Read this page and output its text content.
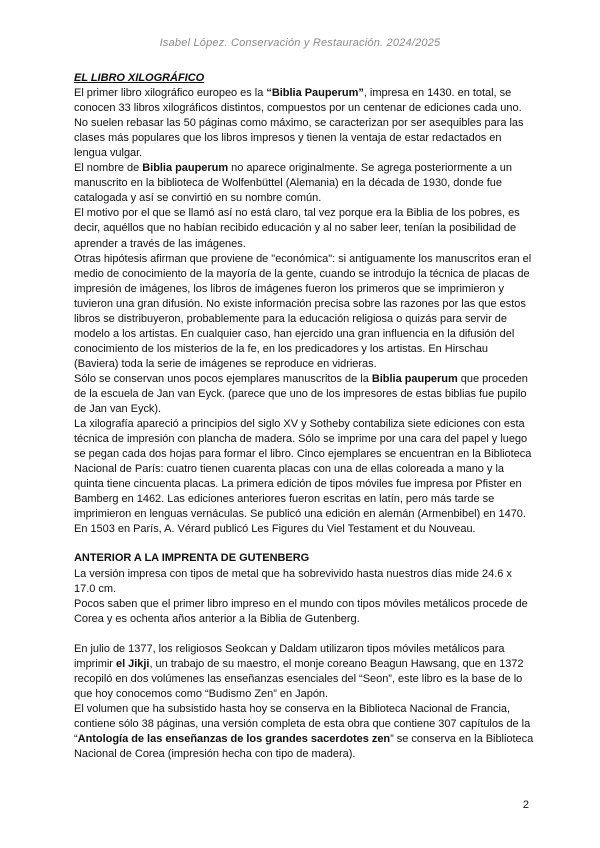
Isabel López. Conservación y Restauración. 2024/2025

EL LIBRO XILOGRÁFICO

El primer libro xilográfico europeo es la “Biblia Pauperum”, impresa en 1430. en total, se conocen 33 libros xilográficos distintos, compuestos por un centenar de ediciones cada uno. No suelen rebasar las 50 páginas como máximo, se caracterizan por ser asequibles para las clases más populares que los libros impresos y tienen la ventaja de estar redactados en lengua vulgar.

El nombre de Biblia pauperum no aparece originalmente. Se agrega posteriormente a un manuscrito en la biblioteca de Wolfenbüttel (Alemania) en la década de 1930, donde fue catalogada y así se convirtió en su nombre común.

El motivo por el que se llamó así no está claro, tal vez porque era la Biblia de los pobres, es decir, aquéllos que no habían recibido educación y al no saber leer, tenían la posibilidad de aprender a través de las imágenes.

Otras hipótesis afirman que proviene de "económica": si antiguamente los manuscritos eran el medio de conocimiento de la mayoría de la gente, cuando se introdujo la técnica de placas de impresión de imágenes, los libros de imágenes fueron los primeros que se imprimieron y tuvieron una gran difusión. No existe información precisa sobre las razones por las que estos libros se distribuyeron, probablemente para la educación religiosa o quizás para servir de modelo a los artistas. En cualquier caso, han ejercido una gran influencia en la difusión del conocimiento de los misterios de la fe, en los predicadores y los artistas. En Hirschau (Baviera) toda la serie de imágenes se reproduce en vidrieras.

Sólo se conservan unos pocos ejemplares manuscritos de la Biblia pauperum que proceden de la escuela de Jan van Eyck. (parece que uno de los impresores de estas biblias fue pupilo de Jan van Eyck).

La xilografía apareció a principios del siglo XV y Sotheby contabiliza siete ediciones con esta técnica de impresión con plancha de madera. Sólo se imprime por una cara del papel y luego se pegan cada dos hojas para formar el libro. Cinco ejemplares se encuentran en la Biblioteca Nacional de París: cuatro tienen cuarenta placas con una de ellas coloreada a mano y la quinta tiene cincuenta placas. La primera edición de tipos móviles fue impresa por Pfister en Bamberg en 1462. Las ediciones anteriores fueron escritas en latín, pero más tarde se imprimieron en lenguas vernáculas. Se publicó una edición en alemán (Armenbibel) en 1470. En 1503 en París, A. Vérard publicó Les Figures du Viel Testament et du Nouveau.

ANTERIOR A LA IMPRENTA DE GUTENBERG

La versión impresa con tipos de metal que ha sobrevivido hasta nuestros días mide 24.6 x 17.0 cm.

Pocos saben que el primer libro impreso en el mundo con tipos móviles metálicos procede de Corea y es ochenta años anterior a la Biblia de Gutenberg.

En julio de 1377, los religiosos Seokcan y Daldam utilizaron tipos móviles metálicos para imprimir el Jikji, un trabajo de su maestro, el monje coreano Beagun Hawsang, que en 1372 recopiló en dos volúmenes las enseñanzas esenciales del “Seon”, este libro es la base de lo que hoy conocemos como “Budismo Zen” en Japón.

El volumen que ha subsistido hasta hoy se conserva en la Biblioteca Nacional de Francia, contiene sólo 38 páginas, una versión completa de esta obra que contiene 307 capítulos de la “Antología de las enseñanzas de los grandes sacerdotes zen” se conserva en la Biblioteca Nacional de Corea (impresión hecha con tipo de madera).

2
